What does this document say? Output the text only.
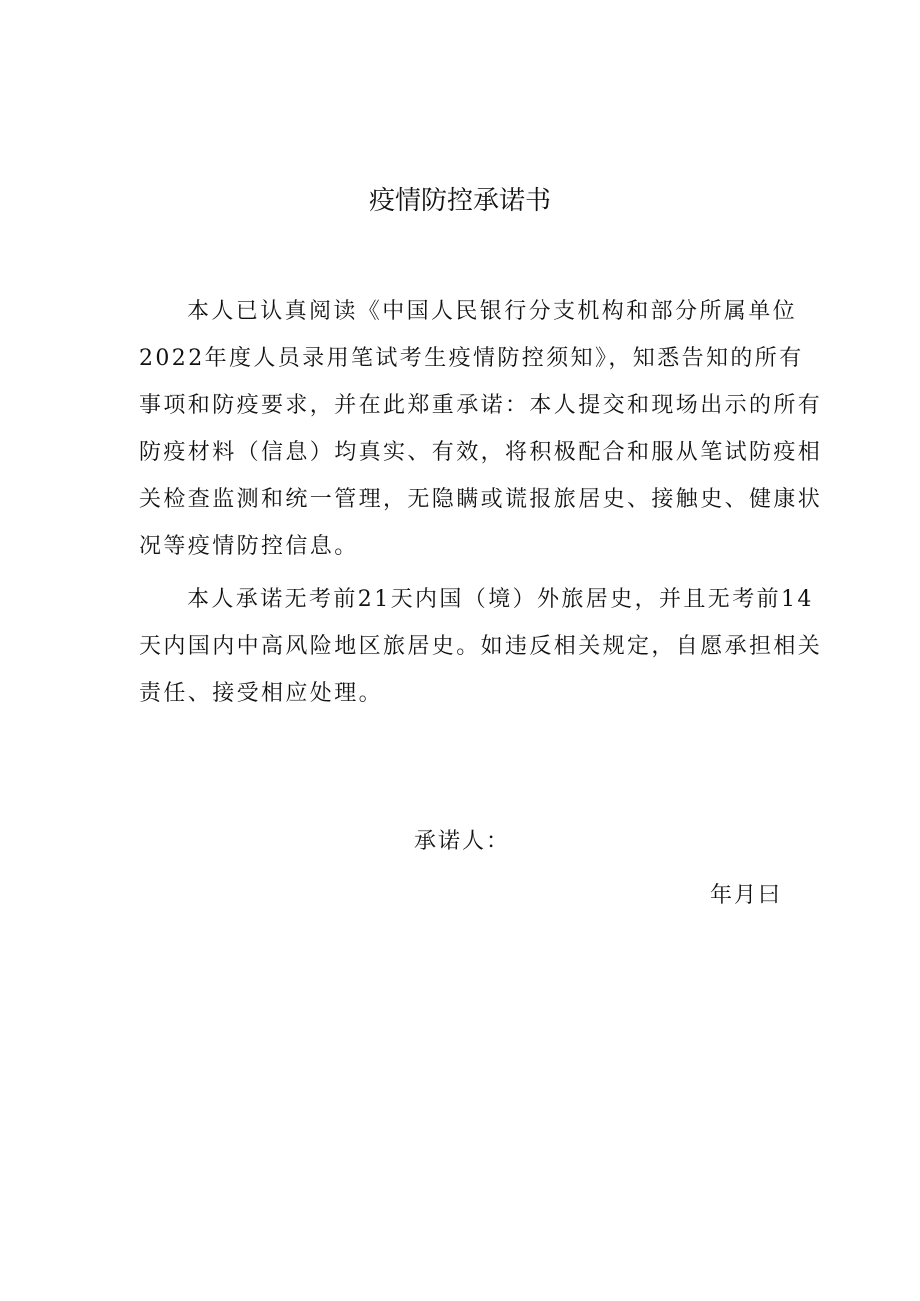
疫情防控承诺书

本人已认真阅读《中国人民银行分支机构和部分所属单位
2022年度人员录用笔试考生疫情防控须知》，知悉告知的所有
事项和防疫要求，并在此郑重承诺：本人提交和现场出示的所有
防疫材料（信息）均真实、有效，将积极配合和服从笔试防疫相
关检查监测和统一管理，无隐瞒或谎报旅居史、接触史、健康状
况等疫情防控信息。

本人承诺无考前21天内国（境）外旅居史，并且无考前14
天内国内中高风险地区旅居史。如违反相关规定，自愿承担相关
责任、接受相应处理。

承诺人：
年月曰
